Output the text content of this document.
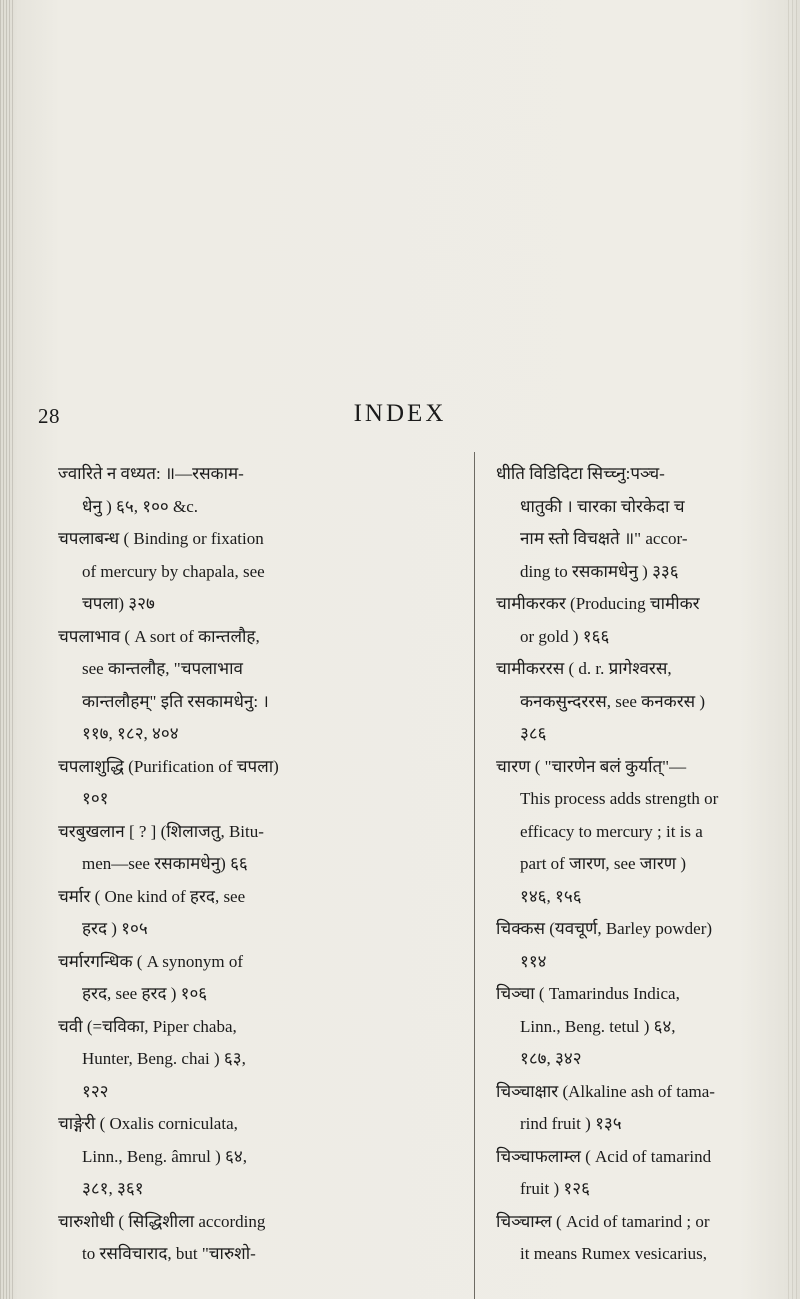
28	INDEX
ज्वारिते न वध्यत: ॥—रसकाम-
धेनु ) ६५, १०० &c.
चपलाबन्ध ( Binding or fixation
of mercury by chapala, see
चपला) ३२७
चपलाभाव ( A sort of कान्तलौह,
see कान्तलौह, "चपलाभाव
कान्तलौहम्" इति रसकामधेनु: ।
११७, १८२, ४०४
चपलाशुद्धि (Purification of चपला)
१०१
चरबुखलान [ ? ] (शिलाजतु, Bitu-
men—see रसकामधेनु) ६६
चर्मार ( One kind of हरद, see
हरद ) १०५
चर्मारगन्धिक ( A synonym of
हरद, see हरद ) १०६
चवी (=चविका, Piper chaba,
Hunter, Beng. chai ) ६३,
१२२
चाङ्गेरी ( Oxalis corniculata,
Linn., Beng. âmrul ) ६४,
३८१, ३६१
चारुशोधी ( सिद्धिशीला according
to रसविचाराद, but "चारुशो-
धीति विडिदिटा सिच्च्नु:पञ्च-
धातुकी । चारका चोरकेदा च
नाम स्तो विचक्षते ॥" accor-
ding to रसकामधेनु ) ३३६
चामीकरकर (Producing चामीकर
or gold ) १६६
चामीकररस ( d. r. प्रागेश्वरस,
कनकसुन्दररस, see कनकरस )
३८६
चारण ( "चारणेन बलं कुर्यात्"—
This process adds strength or
efficacy to mercury ; it is a
part of जारण, see जारण )
१४६, १५६
चिक्कस (यवचूर्ण, Barley powder)
११४
चिञ्चा ( Tamarindus Indica,
Linn., Beng. tetul ) ६४,
१८७, ३४२
चिञ्चाक्षार (Alkaline ash of tama-
rind fruit ) १३५
चिञ्चाफलाम्ल ( Acid of tamarind
fruit ) १२६
चिञ्चाम्ल ( Acid of tamarind ; or
it means Rumex vesicarius,
